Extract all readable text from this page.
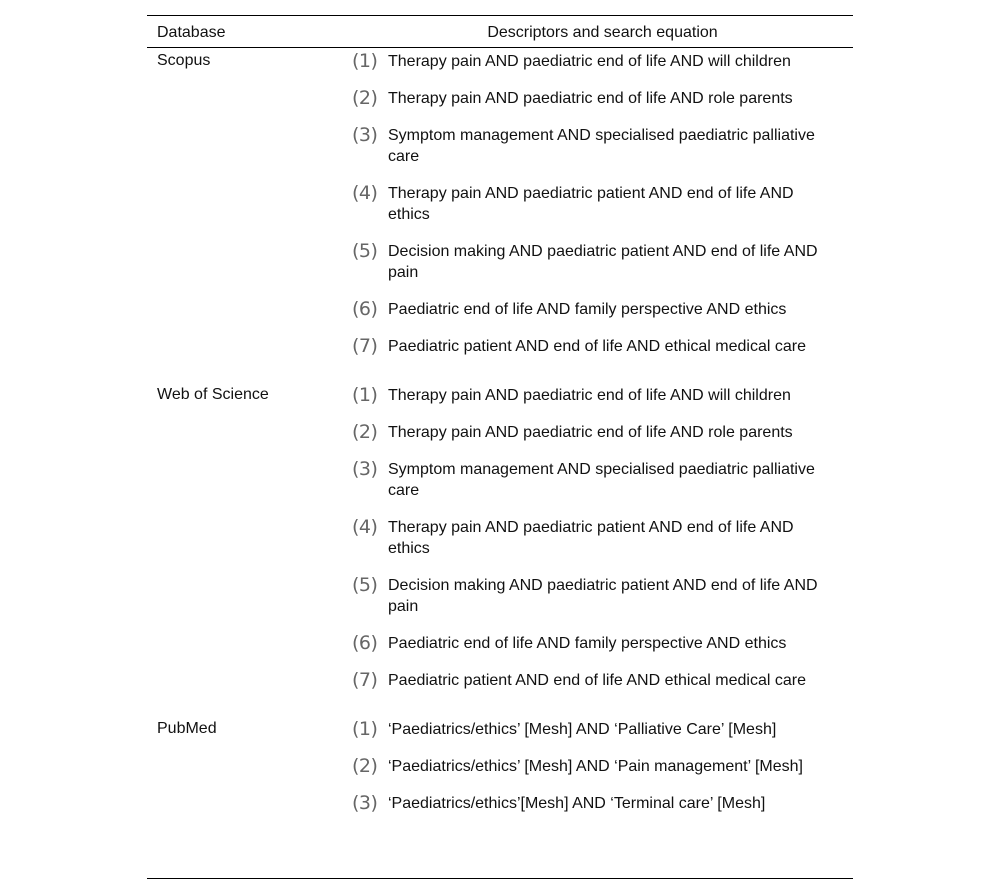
Database	Descriptors and search equation
Scopus	(1) Therapy pain AND paediatric end of life AND will children
(2) Therapy pain AND paediatric end of life AND role parents
(3) Symptom management AND specialised paediatric palliative care
(4) Therapy pain AND paediatric patient AND end of life AND ethics
(5) Decision making AND paediatric patient AND end of life AND pain
(6) Paediatric end of life AND family perspective AND ethics
(7) Paediatric patient AND end of life AND ethical medical care
Web of Science	(1) Therapy pain AND paediatric end of life AND will children
(2) Therapy pain AND paediatric end of life AND role parents
(3) Symptom management AND specialised paediatric palliative care
(4) Therapy pain AND paediatric patient AND end of life AND ethics
(5) Decision making AND paediatric patient AND end of life AND pain
(6) Paediatric end of life AND family perspective AND ethics
(7) Paediatric patient AND end of life AND ethical medical care
PubMed	(1) ‘Paediatrics/ethics’ [Mesh] AND ‘Palliative Care’ [Mesh]
(2) ‘Paediatrics/ethics’ [Mesh] AND ‘Pain management’ [Mesh]
(3) ‘Paediatrics/ethics’[Mesh] AND ‘Terminal care’ [Mesh]
